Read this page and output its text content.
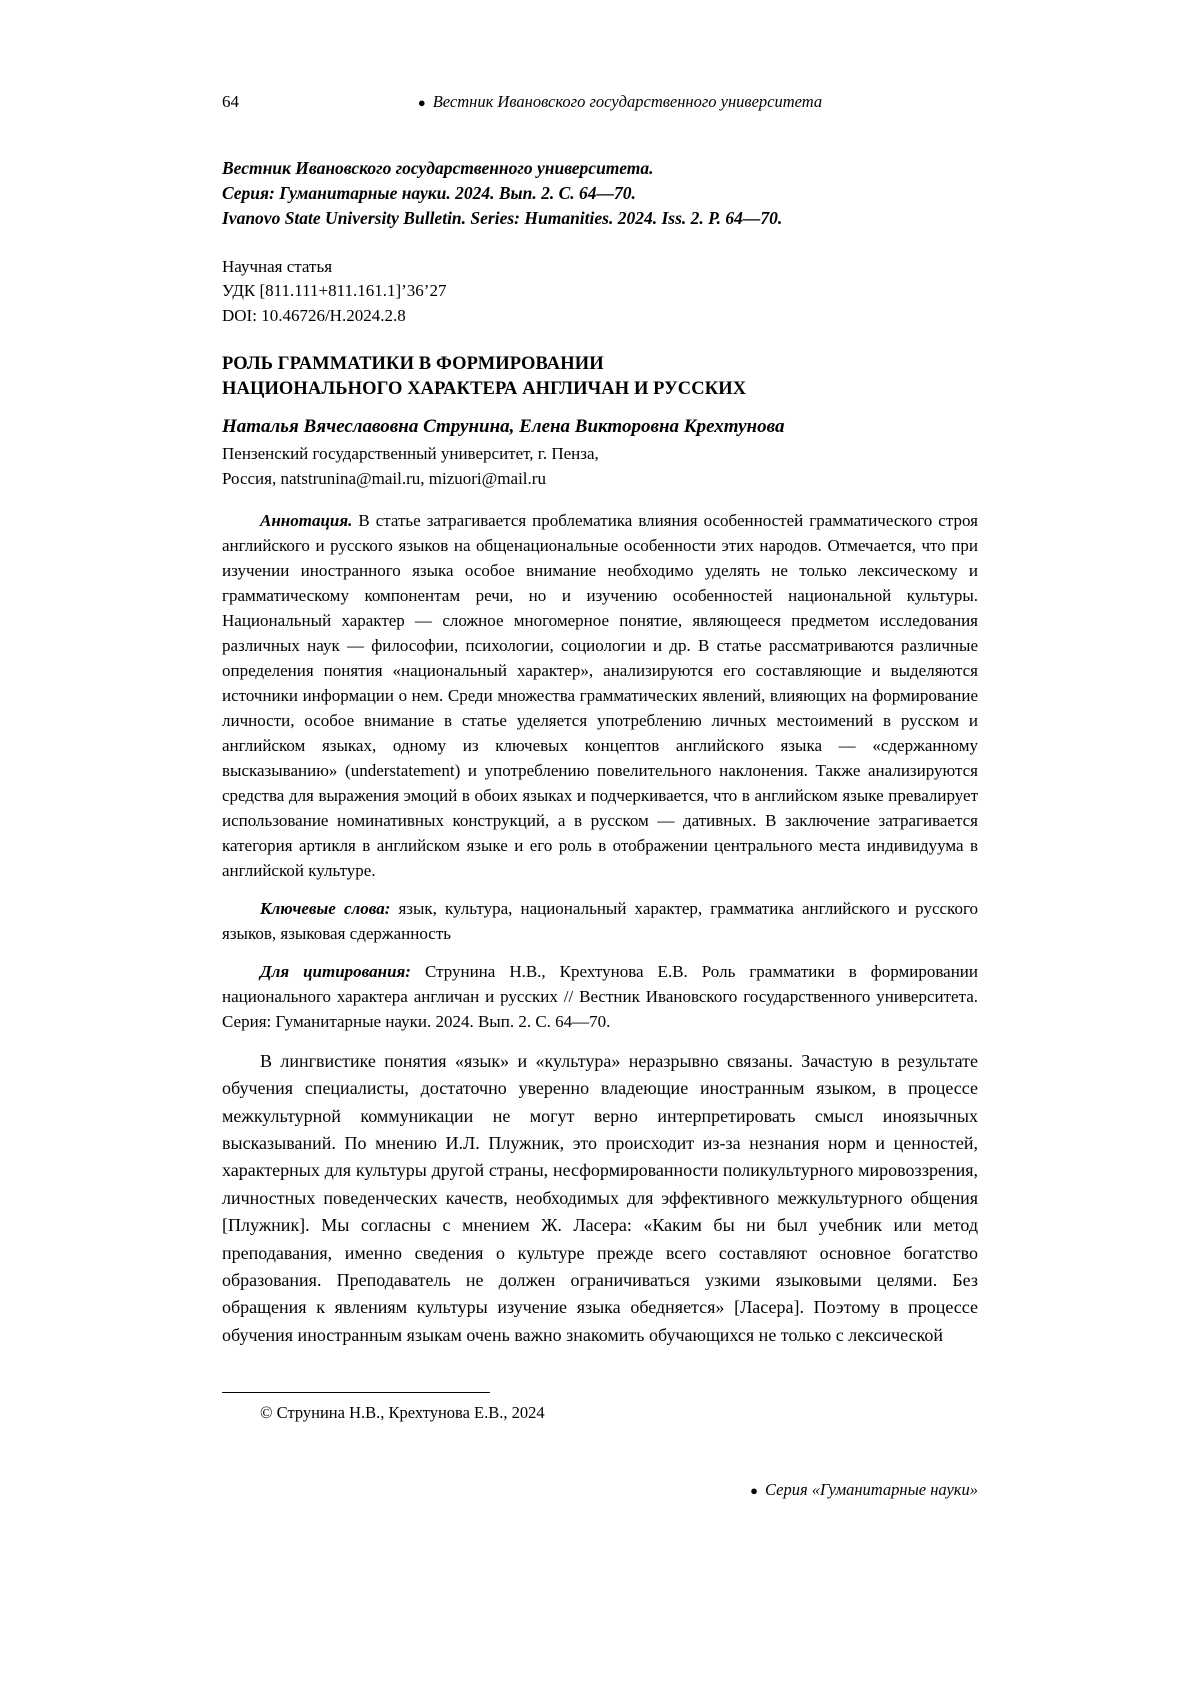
64	● Вестник Ивановского государственного университета
Вестник Ивановского государственного университета.
Серия: Гуманитарные науки. 2024. Вып. 2. С. 64—70.
Ivanovo State University Bulletin. Series: Humanities. 2024. Iss. 2. P. 64—70.
Научная статья
УДК [811.111+811.161.1]’36’27
DOI: 10.46726/H.2024.2.8
РОЛЬ ГРАММАТИКИ В ФОРМИРОВАНИИ
НАЦИОНАЛЬНОГО ХАРАКТЕРА АНГЛИЧАН И РУССКИХ
Наталья Вячеславовна Струнина, Елена Викторовна Крехтунова
Пензенский государственный университет, г. Пенза,
Россия, natstrunina@mail.ru, mizuori@mail.ru

Аннотация. В статье затрагивается проблематика влияния особенностей грамматического строя английского и русского языков на общенациональные особенности этих народов. Отмечается, что при изучении иностранного языка особое внимание необходимо уделять не только лексическому и грамматическому компонентам речи, но и изучению особенностей национальной культуры. Национальный характер — сложное многомерное понятие, являющееся предметом исследования различных наук — философии, психологии, социологии и др. В статье рассматриваются различные определения понятия «национальный характер», анализируются его составляющие и выделяются источники информации о нем. Среди множества грамматических явлений, влияющих на формирование личности, особое внимание в статье уделяется употреблению личных местоимений в русском и английском языках, одному из ключевых концептов английского языка — «сдержанному высказыванию» (understatement) и употреблению повелительного наклонения. Также анализируются средства для выражения эмоций в обоих языках и подчеркивается, что в английском языке превалирует использование номинативных конструкций, а в русском — дативных. В заключение затрагивается категория артикля в английском языке и его роль в отображении центрального места индивидуума в английской культуре.

Ключевые слова: язык, культура, национальный характер, грамматика английского и русского языков, языковая сдержанность

Для цитирования: Струнина Н.В., Крехтунова Е.В. Роль грамматики в формировании национального характера англичан и русских // Вестник Ивановского государственного университета. Серия: Гуманитарные науки. 2024. Вып. 2. С. 64—70.

В лингвистике понятия «язык» и «культура» неразрывно связаны. Зачастую в результате обучения специалисты, достаточно уверенно владеющие иностранным языком, в процессе межкультурной коммуникации не могут верно интерпретировать смысл иноязычных высказываний. По мнению И.Л. Плужник, это происходит из-за незнания норм и ценностей, характерных для культуры другой страны, несформированности поликультурного мировоззрения, личностных поведенческих качеств, необходимых для эффективного межкультурного общения [Плужник]. Мы согласны с мнением Ж. Ласера: «Каким бы ни был учебник или метод преподавания, именно сведения о культуре прежде всего составляют основное богатство образования. Преподаватель не должен ограничиваться узкими языковыми целями. Без обращения к явлениям культуры изучение языка обедняется» [Ласера]. Поэтому в процессе обучения иностранным языкам очень важно знакомить обучающихся не только с лексической

© Струнина Н.В., Крехтунова Е.В., 2024
● Серия «Гуманитарные науки»
